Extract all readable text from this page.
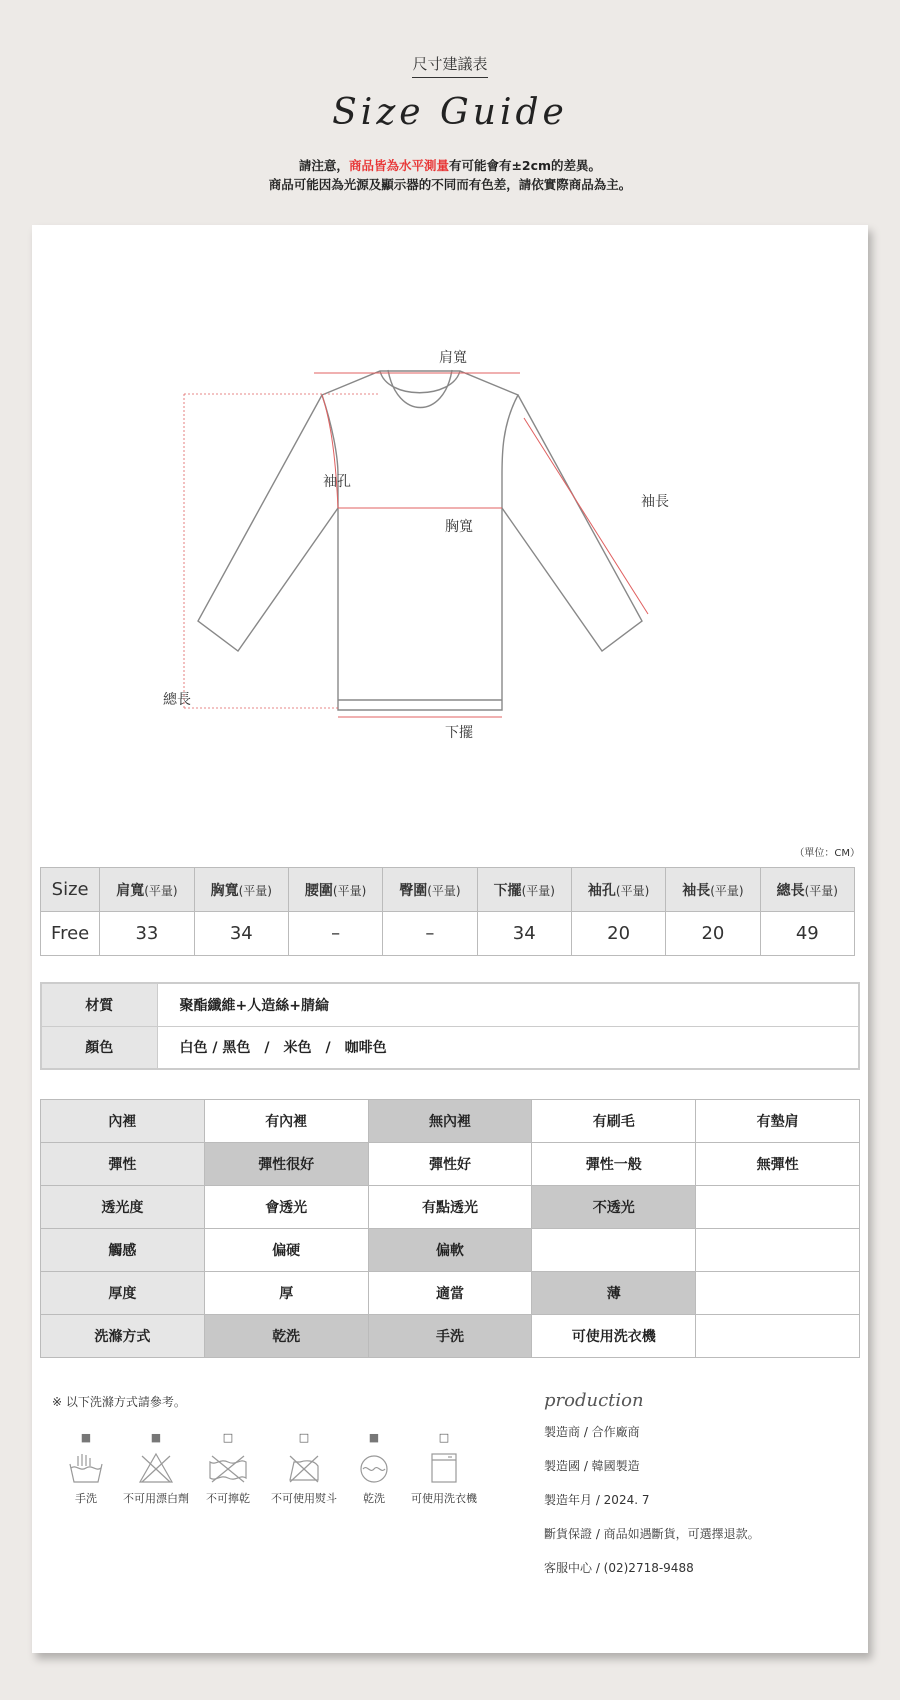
尺寸建議表
Size Guide
請注意，商品皆為水平測量有可能會有±2cm的差異。
商品可能因為光源及顯示器的不同而有色差，請依實際商品為主。
肩寬
袖孔
袖長
胸寬
總長
下擺
（單位：CM）
Size	肩寬(平量)	胸寬(平量)	腰圍(平量)	臀圍(平量)	下擺(平量)	袖孔(平量)	袖長(平量)	總長(平量)
Free	33	34	–	–	34	20	20	49
材質	聚酯纖維+人造絲+腈綸
顏色	白色 / 黑色　/　米色　/　咖啡色
內裡	有內裡	無內裡	有刷毛	有墊肩
彈性	彈性很好	彈性好	彈性一般	無彈性
透光度	會透光	有點透光	不透光	
觸感	偏硬	偏軟		
厚度	厚	適當	薄	
洗滌方式	乾洗	手洗	可使用洗衣機	
※ 以下洗滌方式請參考。
■
手洗
■
不可用漂白劑
□
不可擰乾
□
不可使用熨斗
■
乾洗
□
可使用洗衣機
production
製造商 / 合作廠商
製造國 / 韓國製造
製造年月 / 2024. 7
斷貨保證 / 商品如遇斷貨，可選擇退款。
客服中心 / (02)2718-9488
